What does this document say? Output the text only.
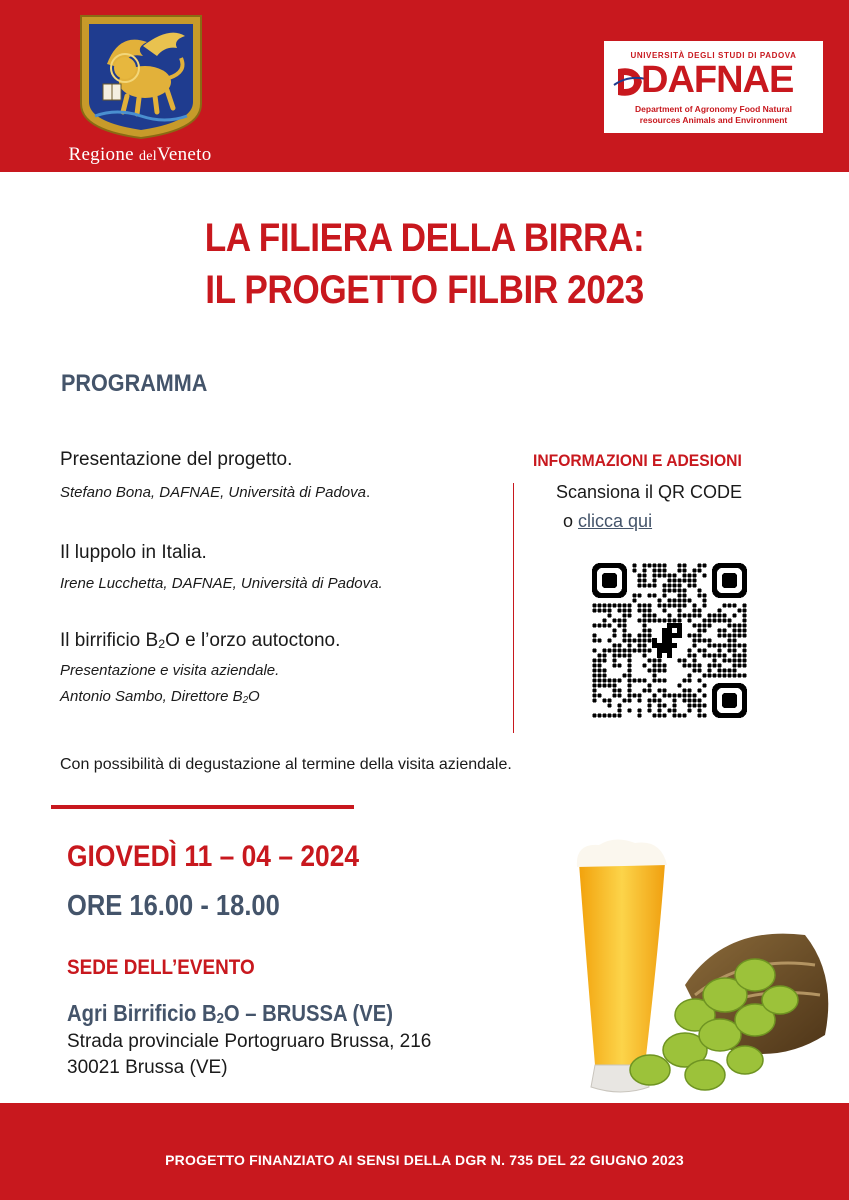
Regione delVeneto
UNIVERSITÀ DEGLI STUDI DI PADOVA
DAFNAE
Department of Agronomy Food Natural
resources Animals and Environment
LA FILIERA DELLA BIRRA:
IL PROGETTO FILBIR 2023
PROGRAMMA
Presentazione del progetto.
Stefano Bona, DAFNAE, Università di Padova.
Il luppolo in Italia.
Irene Lucchetta, DAFNAE, Università di Padova.
Il birrificio $B_2O$ e l’orzo autoctono.
Presentazione e visita aziendale.
Antonio Sambo, Direttore $B_2O$
INFORMAZIONI E ADESIONI
Scansiona il QR CODE
o clicca qui
Con possibilità di degustazione al termine della visita aziendale.
GIOVEDÌ 11 – 04 – 2024
ORE 16.00 - 18.00
SEDE DELL’EVENTO
Agri Birrificio $B_2O$ – BRUSSA (VE)
Strada provinciale Portogruaro Brussa, 216
30021 Brussa (VE)
PROGETTO FINANZIATO AI SENSI DELLA DGR N. 735 DEL 22 GIUGNO 2023
